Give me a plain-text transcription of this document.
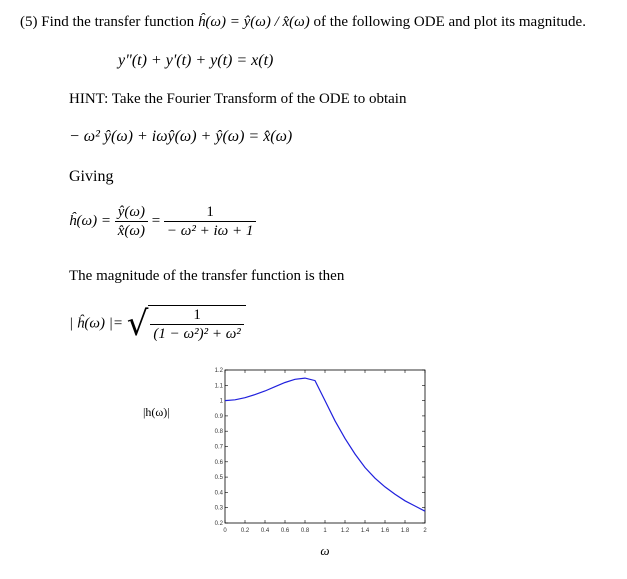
(5) Find the transfer function ĥ(ω) = ŷ(ω) / x̂(ω) of the following ODE and plot its magnitude.
y"(t) + y'(t) + y(t) = x(t)
HINT: Take the Fourier Transform of the ODE to obtain
− ω² ŷ(ω) + iωŷ(ω) + ŷ(ω) = x̂(ω)
Giving
ĥ(ω) = $\frac{ŷ(\omega)}{x̂(\omega)} = \frac{1}{\text{− ω² + iω + 1}}$
The magnitude of the transfer function is then
| ĥ(ω) |= √ $\frac{1}{\text{(1 − ω²)² + ω²}}$
0 0.2 0.4 0.6 0.8 1 1.2 1.4 1.6 1.8 2
0.2
0.3
0.4
0.5
0.6
0.7
0.8
0.9
1
1.1
1.2
|h(ω)|
ω
